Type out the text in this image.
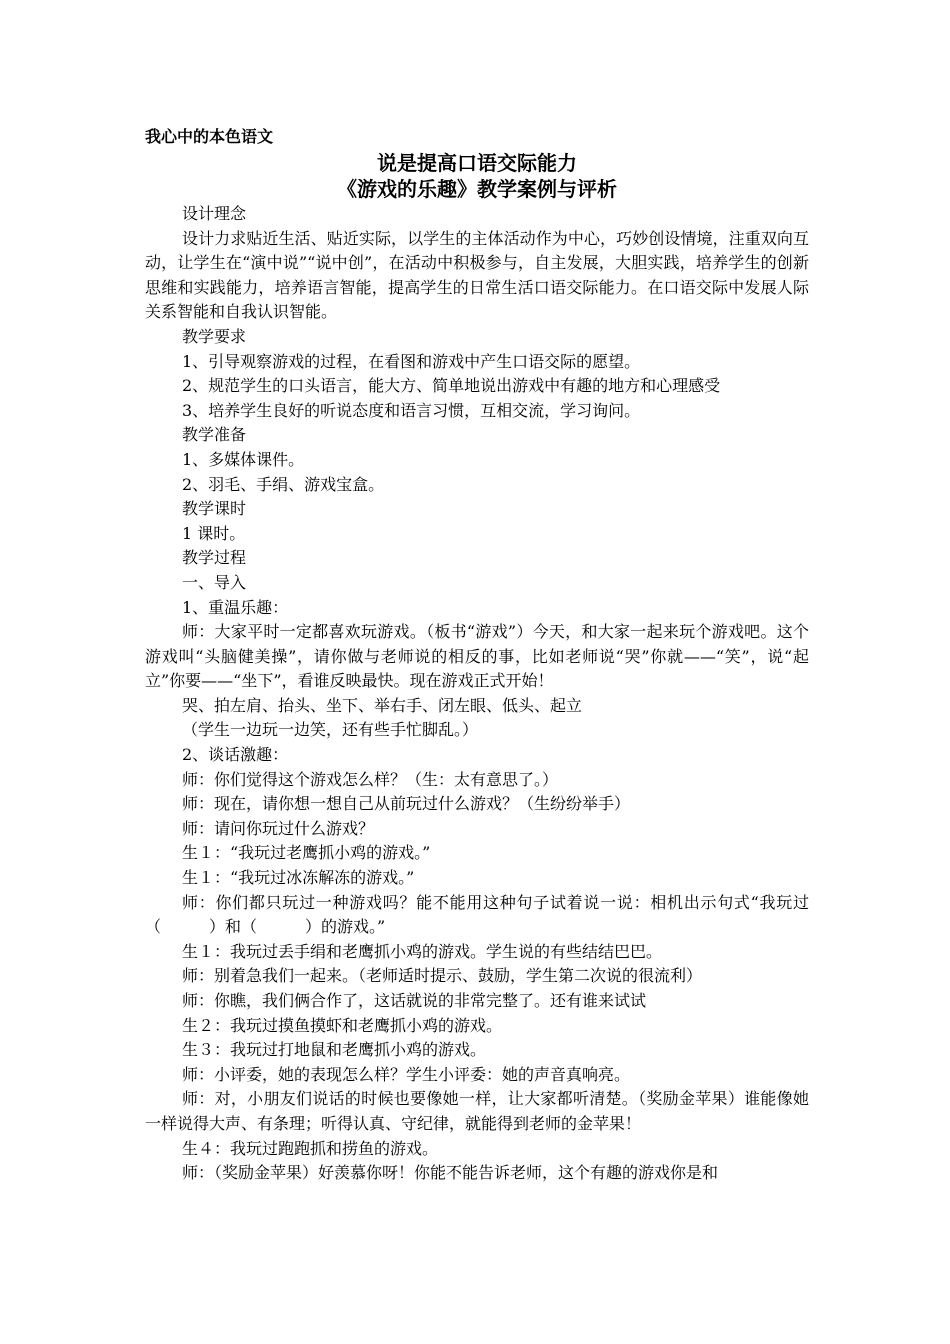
我心中的本色语文
说是提高口语交际能力
《游戏的乐趣》教学案例与评析

设计理念

设计力求贴近生活、贴近实际，以学生的主体活动作为中心，巧妙创设情境，注重双向互动，让学生在“演中说”“说中创”，在活动中积极参与，自主发展，大胆实践，培养学生的创新思维和实践能力，培养语言智能，提高学生的日常生活口语交际能力。在口语交际中发展人际关系智能和自我认识智能。

教学要求

1、引导观察游戏的过程，在看图和游戏中产生口语交际的愿望。

2、规范学生的口头语言，能大方、简单地说出游戏中有趣的地方和心理感受

3、培养学生良好的听说态度和语言习惯，互相交流，学习询问。

教学准备

1、多媒体课件。

2、羽毛、手绢、游戏宝盒。

教学课时

1 课时。

教学过程

一、导入

1、重温乐趣：

师：大家平时一定都喜欢玩游戏。（板书“游戏”）今天，和大家一起来玩个游戏吧。这个游戏叫“头脑健美操”，请你做与老师说的相反的事，比如老师说“哭”你就——“笑”，说“起立”你要——“坐下”，看谁反映最快。现在游戏正式开始！

哭、拍左肩、抬头、坐下、举右手、闭左眼、低头、起立

（学生一边玩一边笑，还有些手忙脚乱。）

2、谈话激趣：

师：你们觉得这个游戏怎么样？（生：太有意思了。）

师：现在，请你想一想自己从前玩过什么游戏？（生纷纷举手）

师：请问你玩过什么游戏？

生１：“我玩过老鹰抓小鸡的游戏。”

生１：“我玩过冰冻解冻的游戏。”

师：你们都只玩过一种游戏吗？能不能用这种句子试着说一说：相机出示句式“我玩过（　　　）和（　　　）的游戏。”

生１：我玩过丢手绢和老鹰抓小鸡的游戏。学生说的有些结结巴巴。

师：别着急我们一起来。（老师适时提示、鼓励，学生第二次说的很流利）

师：你瞧，我们俩合作了，这话就说的非常完整了。还有谁来试试

生２：我玩过摸鱼摸虾和老鹰抓小鸡的游戏。

生３：我玩过打地鼠和老鹰抓小鸡的游戏。

师：小评委，她的表现怎么样？学生小评委：她的声音真响亮。

师：对，小朋友们说话的时候也要像她一样，让大家都听清楚。（奖励金苹果）谁能像她一样说得大声、有条理；听得认真、守纪律，就能得到老师的金苹果！

生４：我玩过跑跑抓和捞鱼的游戏。

师：（奖励金苹果）好羡慕你呀！你能不能告诉老师，这个有趣的游戏你是和
